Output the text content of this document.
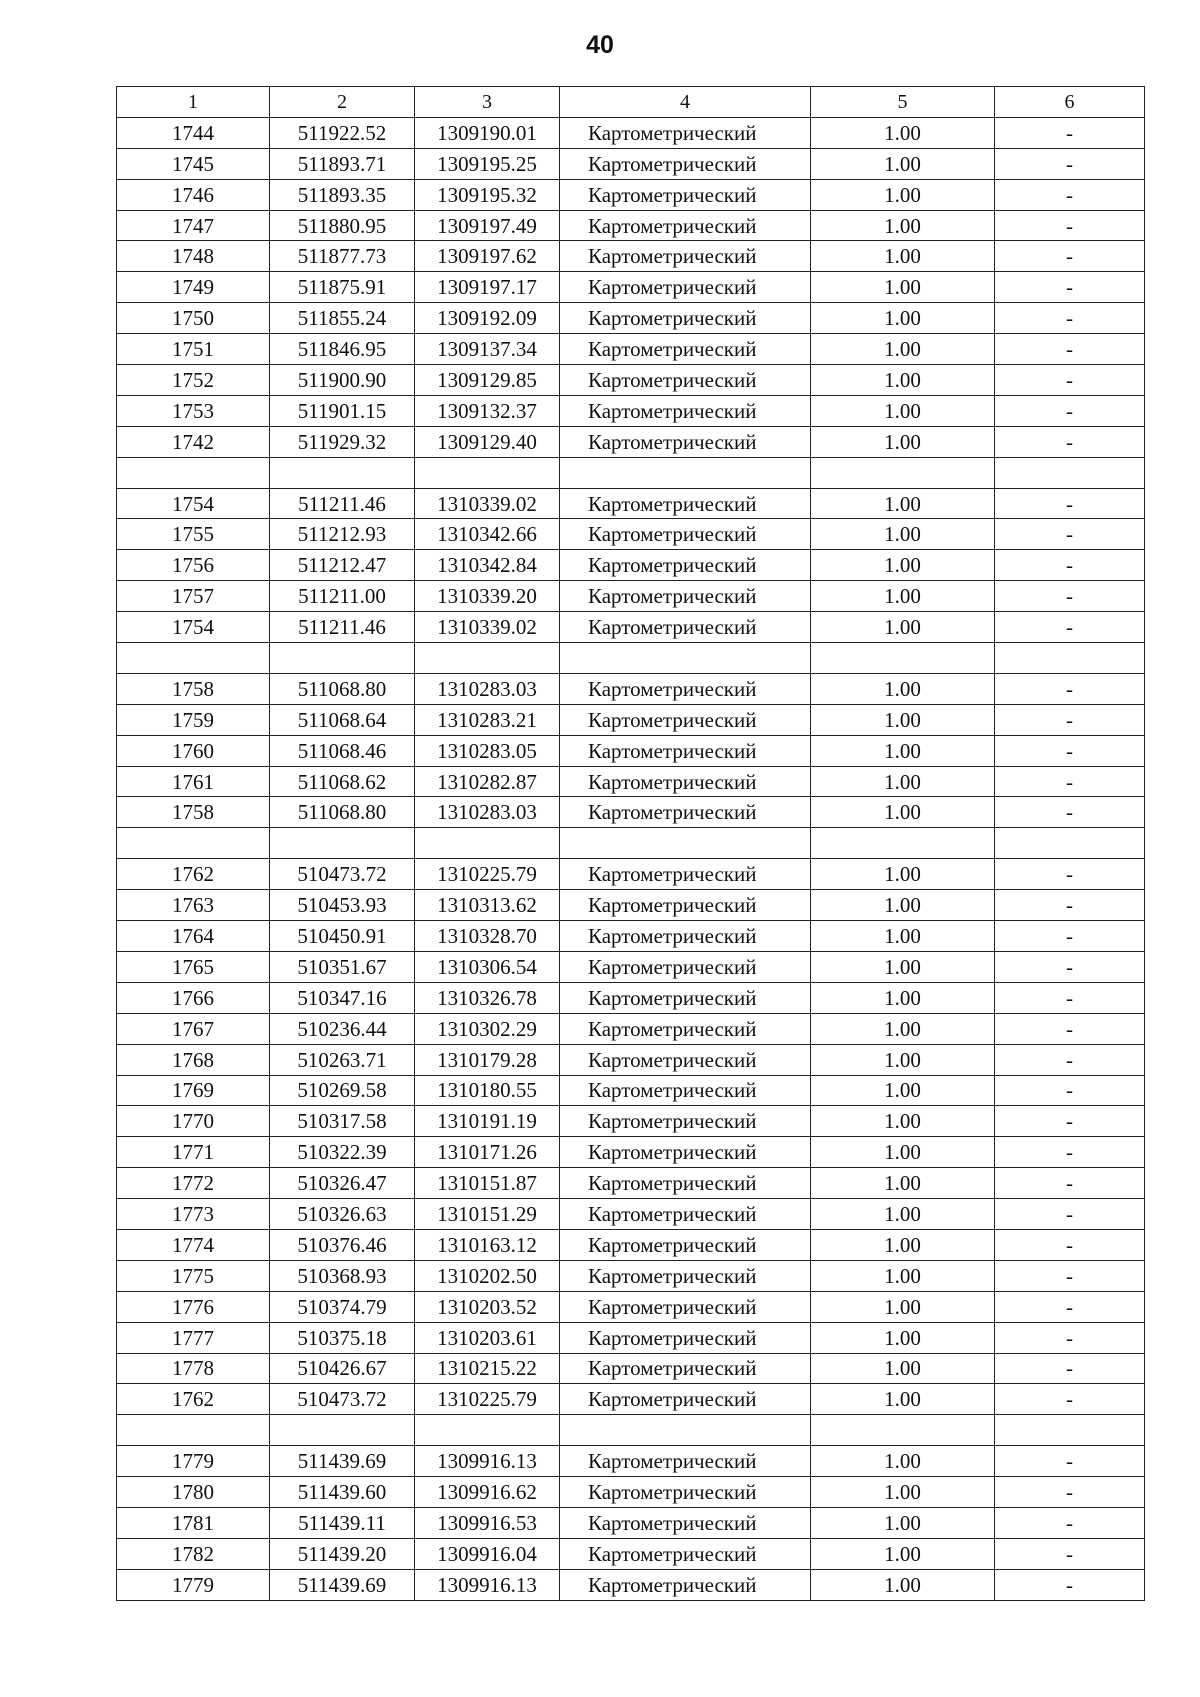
40
1	2	3	4	5	6
1744	511922.52	1309190.01	Картометрический	1.00	-
1745	511893.71	1309195.25	Картометрический	1.00	-
1746	511893.35	1309195.32	Картометрический	1.00	-
1747	511880.95	1309197.49	Картометрический	1.00	-
1748	511877.73	1309197.62	Картометрический	1.00	-
1749	511875.91	1309197.17	Картометрический	1.00	-
1750	511855.24	1309192.09	Картометрический	1.00	-
1751	511846.95	1309137.34	Картометрический	1.00	-
1752	511900.90	1309129.85	Картометрический	1.00	-
1753	511901.15	1309132.37	Картометрический	1.00	-
1742	511929.32	1309129.40	Картометрический	1.00	-

1754	511211.46	1310339.02	Картометрический	1.00	-
1755	511212.93	1310342.66	Картометрический	1.00	-
1756	511212.47	1310342.84	Картометрический	1.00	-
1757	511211.00	1310339.20	Картометрический	1.00	-
1754	511211.46	1310339.02	Картометрический	1.00	-

1758	511068.80	1310283.03	Картометрический	1.00	-
1759	511068.64	1310283.21	Картометрический	1.00	-
1760	511068.46	1310283.05	Картометрический	1.00	-
1761	511068.62	1310282.87	Картометрический	1.00	-
1758	511068.80	1310283.03	Картометрический	1.00	-

1762	510473.72	1310225.79	Картометрический	1.00	-
1763	510453.93	1310313.62	Картометрический	1.00	-
1764	510450.91	1310328.70	Картометрический	1.00	-
1765	510351.67	1310306.54	Картометрический	1.00	-
1766	510347.16	1310326.78	Картометрический	1.00	-
1767	510236.44	1310302.29	Картометрический	1.00	-
1768	510263.71	1310179.28	Картометрический	1.00	-
1769	510269.58	1310180.55	Картометрический	1.00	-
1770	510317.58	1310191.19	Картометрический	1.00	-
1771	510322.39	1310171.26	Картометрический	1.00	-
1772	510326.47	1310151.87	Картометрический	1.00	-
1773	510326.63	1310151.29	Картометрический	1.00	-
1774	510376.46	1310163.12	Картометрический	1.00	-
1775	510368.93	1310202.50	Картометрический	1.00	-
1776	510374.79	1310203.52	Картометрический	1.00	-
1777	510375.18	1310203.61	Картометрический	1.00	-
1778	510426.67	1310215.22	Картометрический	1.00	-
1762	510473.72	1310225.79	Картометрический	1.00	-

1779	511439.69	1309916.13	Картометрический	1.00	-
1780	511439.60	1309916.62	Картометрический	1.00	-
1781	511439.11	1309916.53	Картометрический	1.00	-
1782	511439.20	1309916.04	Картометрический	1.00	-
1779	511439.69	1309916.13	Картометрический	1.00	-
